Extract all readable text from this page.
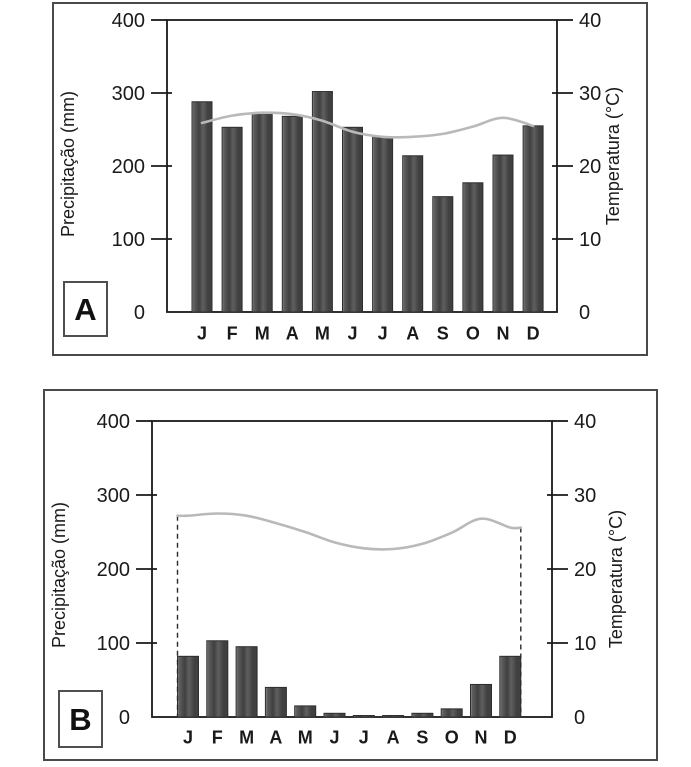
400
300
200
100
0
40
30
20
10
0
Precipitação (mm)	Temperatura (°C)
J F M A M J J A S O N D
A
400
300
200
100
0
40
30
20
10
0
Precipitação (mm)	Temperatura (°C)
J F M A M J J A S O N D
B
